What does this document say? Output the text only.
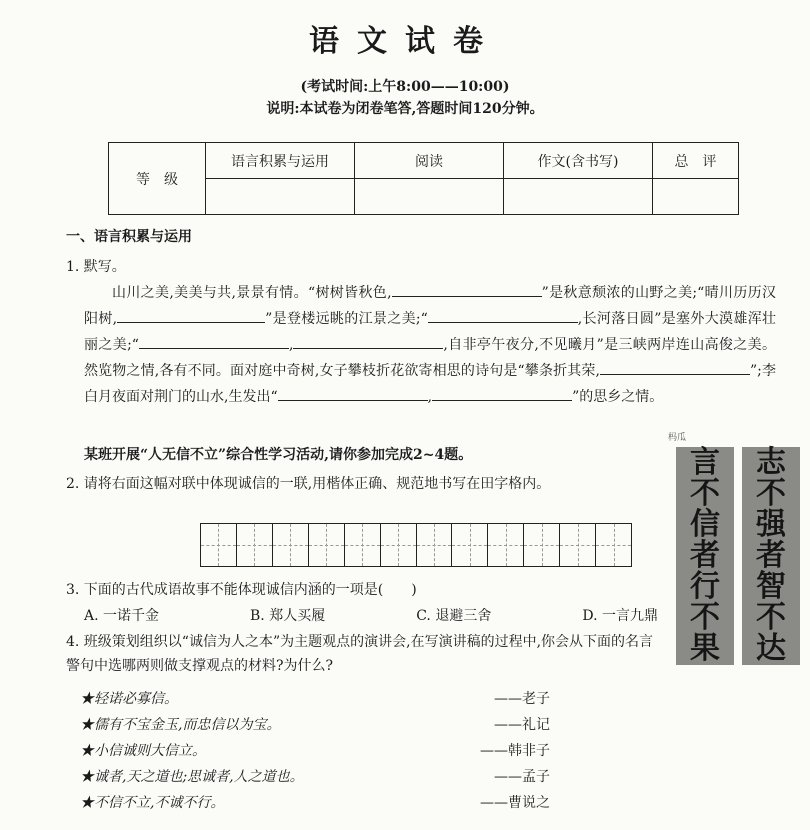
语文试卷
(考试时间:上午8:00——10:00)
说明:本试卷为闭卷笔答,答题时间120分钟。
等　级	语言积累与运用	阅读	作文(含书写)	总　评

一、语言积累与运用
1. 默写。
山川之美,美美与共,景景有情。“树树皆秋色,	”是秋意颓浓的山野之美;“晴川历历汉阳树,	”是登楼远眺的江景之美;“	,长河落日圆”是塞外大漠雄浑壮丽之美;“	,	,自非亭午夜分,不见曦月”是三峡两岸连山高俊之美。然览物之情,各有不同。面对庭中奇树,女子攀枝折花欲寄相思的诗句是“攀条折其荣,	”;李白月夜面对荆门的山水,生发出“	,	”的思乡之情。
某班开展“人无信不立”综合性学习活动,请你参加完成2~4题。
2. 请将右面这幅对联中体现诚信的一联,用楷体正确、规范地书写在田字格内。
3. 下面的古代成语故事不能体现诚信内涵的一项是(　　)
A. 一诺千金	B. 郑人买履	C. 退避三舍	D. 一言九鼎
4. 班级策划组织以“诚信为人之本”为主题观点的演讲会,在写演讲稿的过程中,你会从下面的名言警句中选哪两则做支撑观点的材料?为什么?
★轻诺必寡信。	——老子
★儒有不宝金玉,而忠信以为宝。	——礼记
★小信诚则大信立。	——韩非子
★诚者,天之道也;思诚者,人之道也。	——孟子
★不信不立,不诚不行。	——曹说之
杩瓜
言
不
信
者
行
不
果
志
不
强
者
智
不
达
